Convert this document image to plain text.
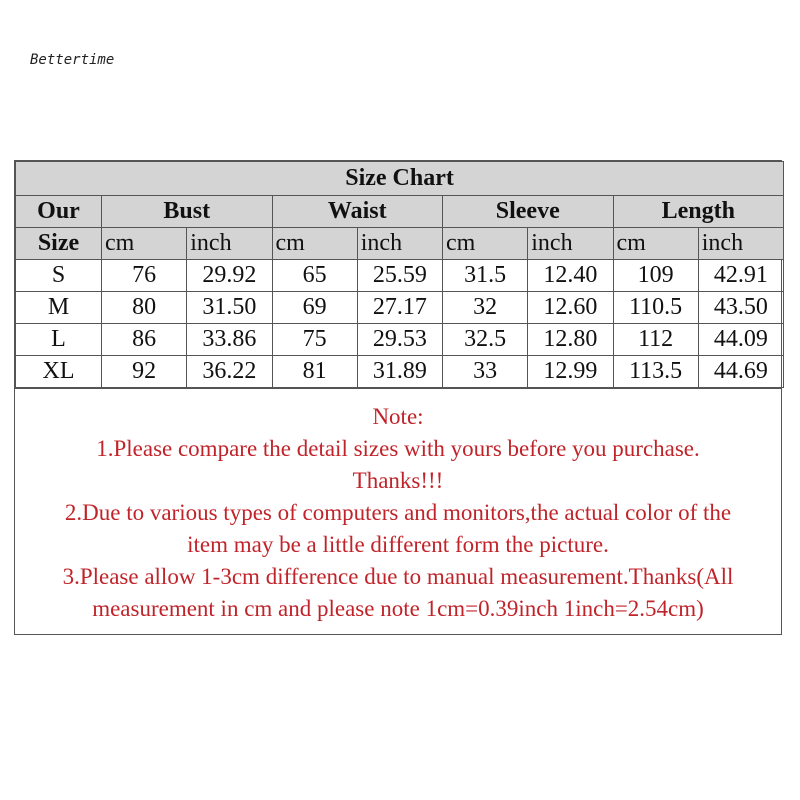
Bettertime
Size Chart								
Our	Bust		Waist		Sleeve		Length	
Size	cm	inch	cm	inch	cm	inch	cm	inch
S	76	29.92	65	25.59	31.5	12.40	109	42.91
M	80	31.50	69	27.17	32	12.60	110.5	43.50
L	86	33.86	75	29.53	32.5	12.80	112	44.09
XL	92	36.22	81	31.89	33	12.99	113.5	44.69

Note:

1.Please compare the detail sizes with yours before you purchase.

Thanks!!!

2.Due to various types of computers and monitors,the actual color of the

item may be a little different form the picture.

3.Please allow 1-3cm difference due to manual measurement.Thanks(All

measurement in cm and please note 1cm=0.39inch 1inch=2.54cm)
